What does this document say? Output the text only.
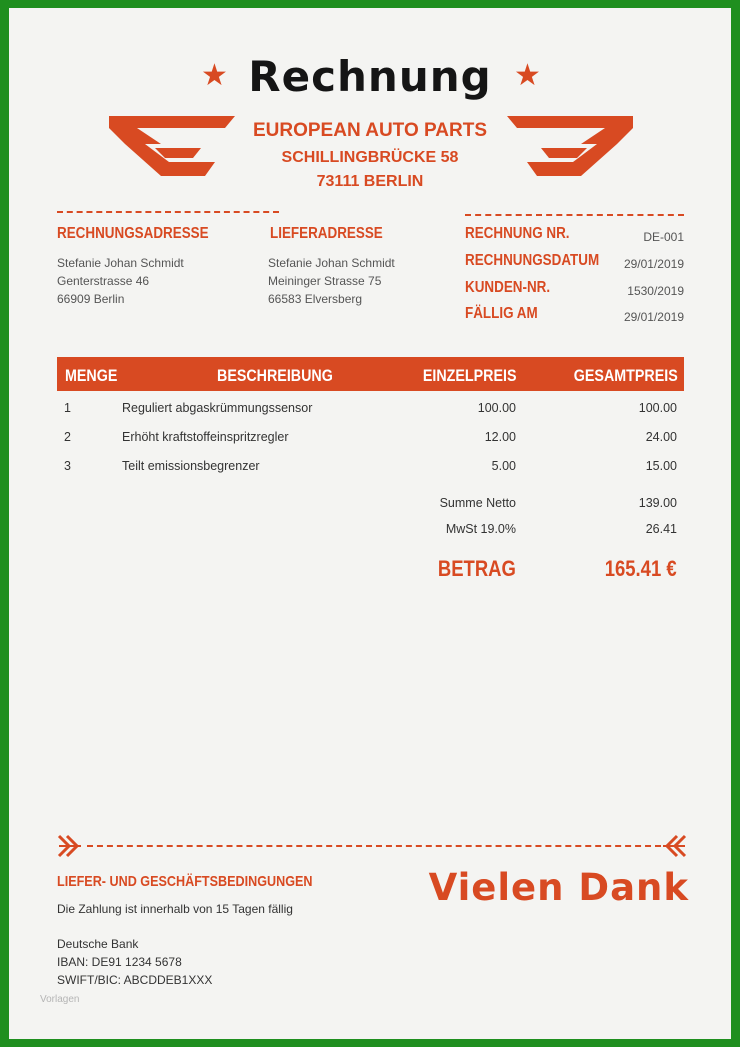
★ Rechnung ★
EUROPEAN AUTO PARTS
SCHILLINGBRÜCKE 58
73111 BERLIN
RECHNUNGSADRESSE
Stefanie Johan Schmidt
Genterstrasse 46
66909 Berlin
LIEFERADRESSE
Stefanie Johan Schmidt
Meininger Strasse 75
66583 Elversberg
RECHNUNG NR.	DE-001
RECHNUNGSDATUM	29/01/2019
KUNDEN-NR.	1530/2019
FÄLLIG AM	29/01/2019
MENGE	BESCHREIBUNG	EINZELPREIS	GESAMTPREIS
1	Reguliert abgaskrümmungssensor	100.00	100.00
2	Erhöht kraftstoffeinspritzregler	12.00	24.00
3	Teilt emissionsbegrenzer	5.00	15.00
Summe Netto	139.00
MwSt 19.0%	26.41
BETRAG	165.41 €
LIEFER- UND GESCHÄFTSBEDINGUNGEN
Die Zahlung ist innerhalb von 15 Tagen fällig
Deutsche Bank
IBAN: DE91 1234 5678
SWIFT/BIC: ABCDDEB1XXX
Vorlagen
Vielen Dank
